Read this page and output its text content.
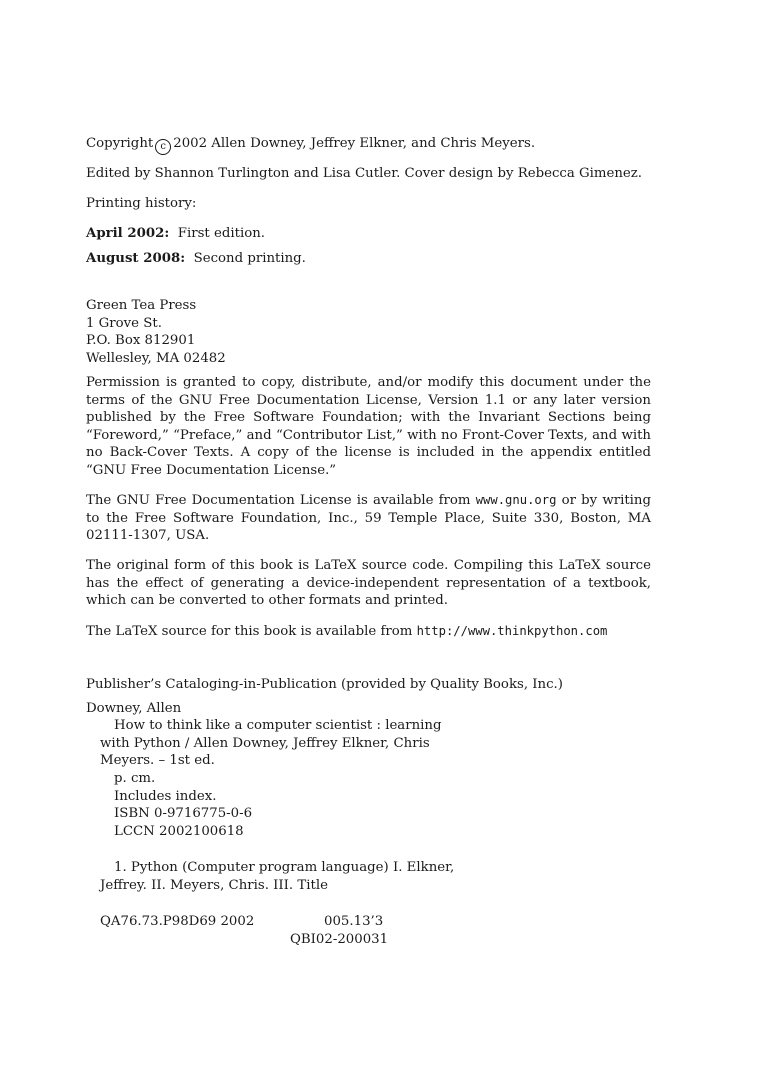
Copyright c 2002 Allen Downey, Jeffrey Elkner, and Chris Meyers.
Edited by Shannon Turlington and Lisa Cutler. Cover design by Rebecca Gimenez.
Printing history:
April 2002: First edition.
August 2008: Second printing.
Green Tea Press
1 Grove St.
P.O. Box 812901
Wellesley, MA 02482
Permission is granted to copy, distribute, and/or modify this document under the terms of the GNU Free Documentation License, Version 1.1 or any later version published by the Free Software Foundation; with the Invariant Sections being “Foreword,” “Preface,” and “Contributor List,” with no Front-Cover Texts, and with no Back-Cover Texts. A copy of the license is included in the appendix entitled “GNU Free Documentation License.”
The GNU Free Documentation License is available from www.gnu.org or by writing to the Free Software Foundation, Inc., 59 Temple Place, Suite 330, Boston, MA 02111-1307, USA.
The original form of this book is LaTeX source code. Compiling this LaTeX source has the effect of generating a device-independent representation of a textbook, which can be converted to other formats and printed.
The LaTeX source for this book is available from http://www.thinkpython.com
Publisher’s Cataloging-in-Publication (provided by Quality Books, Inc.)
Downey, Allen
How to think like a computer scientist : learning
with Python / Allen Downey, Jeffrey Elkner, Chris
Meyers. – 1st ed.
p. cm.
Includes index.
ISBN 0-9716775-0-6
LCCN 2002100618
1. Python (Computer program language) I. Elkner,
Jeffrey. II. Meyers, Chris. III. Title
QA76.73.P98D69 2002	005.13’3
QBI02-200031
